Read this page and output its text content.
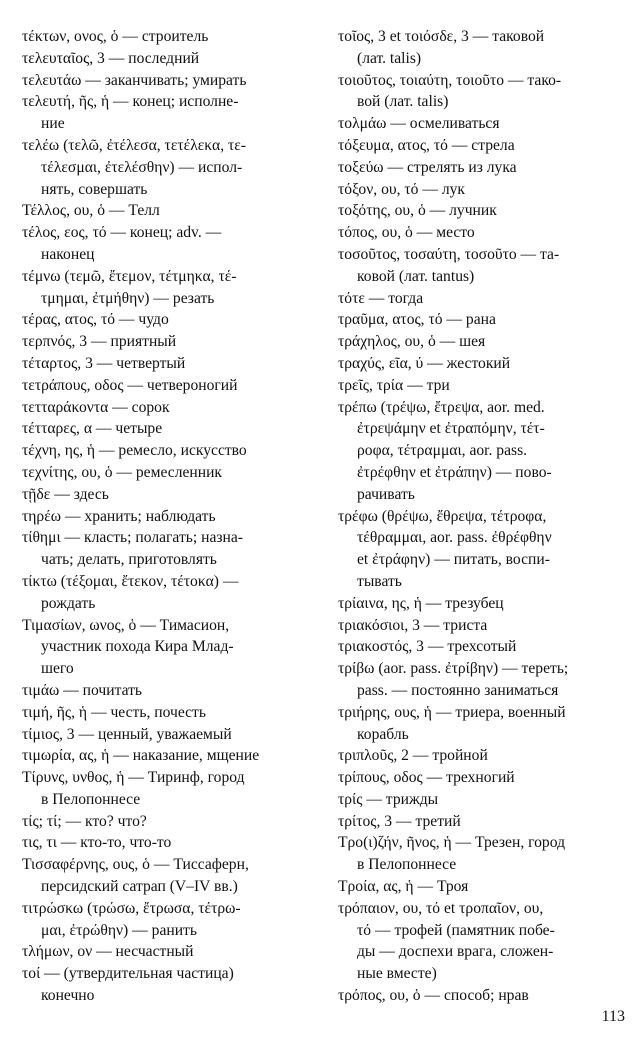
τέκτων, ονος, ὁ — строитель
τελευταῖος, 3 — последний
τελευτάω — заканчивать; умирать
τελευτή, ῆς, ἡ — конец; исполне-
ние
τελέω (τελῶ, ἐτέλεσα, τετέλεκα, τε-
τέλεσμαι, ἐτελέσθην) — испол-
нять, совершать
Τέλλος, ου, ὁ — Телл
τέλος, εος, τό — конец; adv. —
наконец
τέμνω (τεμῶ, ἔτεμον, τέτμηκα, τέ-
τμημαι, ἐτμήθην) — резать
τέρας, ατος, τό — чудо
τερπνός, 3 — приятный
τέταρτος, 3 — четвертый
τετράπους, οδος — четвероногий
τετταράκοντα — сорок
τέτταρες, α — четыре
τέχνη, ης, ἡ — ремесло, искусство
τεχνίτης, ου, ὁ — ремесленник
τῇδε — здесь
τηρέω — хранить; наблюдать
τίθημι — класть; полагать; назна-
чать; делать, приготовлять
τίκτω (τέξομαι, ἔτεκον, τέτοκα) —
рождать
Τιμασίων, ωνος, ὁ — Тимасион,
участник похода Кира Млад-
шего
τιμάω — почитать
τιμή, ῆς, ἡ — честь, почесть
τίμιος, 3 — ценный, уважаемый
τιμωρία, ας, ἡ — наказание, мщение
Τίρυνς, υνθος, ἡ — Тиринф, город
в Пелопоннесе
τίς; τί; — кто? что?
τις, τι — кто-то, что-то
Τισσαφέρνης, ους, ὁ — Тиссаферн,
персидский сатрап (V–IV вв.)
τιτρώσκω (τρώσω, ἔτρωσα, τέτρω-
μαι, ἐτρώθην) — ранить
τλήμων, ον — несчастный
τοί — (утвердительная частица)
конечно
τοῖος, 3 et τοιόσδε, 3 — таковой
(лат. talis)
τοιοῦτος, τοιαύτη, τοιοῦτο — тако-
вой (лат. talis)
τολμάω — осмеливаться
τόξευμα, ατος, τό — стрела
τοξεύω — стрелять из лука
τόξον, ου, τό — лук
τοξότης, ου, ὁ — лучник
τόπος, ου, ὁ — место
τοσοῦτος, τοσαύτη, τοσοῦτο — та-
ковой (лат. tantus)
τότε — тогда
τραῦμα, ατος, τό — рана
τράχηλος, ου, ὁ — шея
τραχύς, εῖα, ύ — жестокий
τρεῖς, τρία — три
τρέπω (τρέψω, ἔτρεψα, aor. med.
ἐτρεψάμην et ἐτραπόμην, τέτ-
ροφα, τέτραμμαι, aor. pass.
ἐτρέφθην et ἐτράπην) — пово-
рачивать
τρέφω (θρέψω, ἔθρεψα, τέτροφα,
τέθραμμαι, aor. pass. ἐθρέφθην
et ἐτράφην) — питать, воспи-
тывать
τρίαινα, ης, ἡ — трезубец
τριακόσιοι, 3 — триста
τριακοστός, 3 — трехсотый
τρίβω (aor. pass. ἐτρίβην) — тереть;
pass. — постоянно заниматься
τριήρης, ους, ἡ — триера, военный
корабль
τριπλοῦς, 2 — тройной
τρίπους, οδος — трехногий
τρίς — трижды
τρίτος, 3 — третий
Τρο(ι)ζήν, ῆνος, ἡ — Трезен, город
в Пелопоннесе
Τροία, ας, ἡ — Троя
τρόπαιον, ου, τό et τροπαῖον, ου,
τό — трофей (памятник побе-
ды — доспехи врага, сложен-
ные вместе)
τρόπος, ου, ὁ — способ; нрав
113
